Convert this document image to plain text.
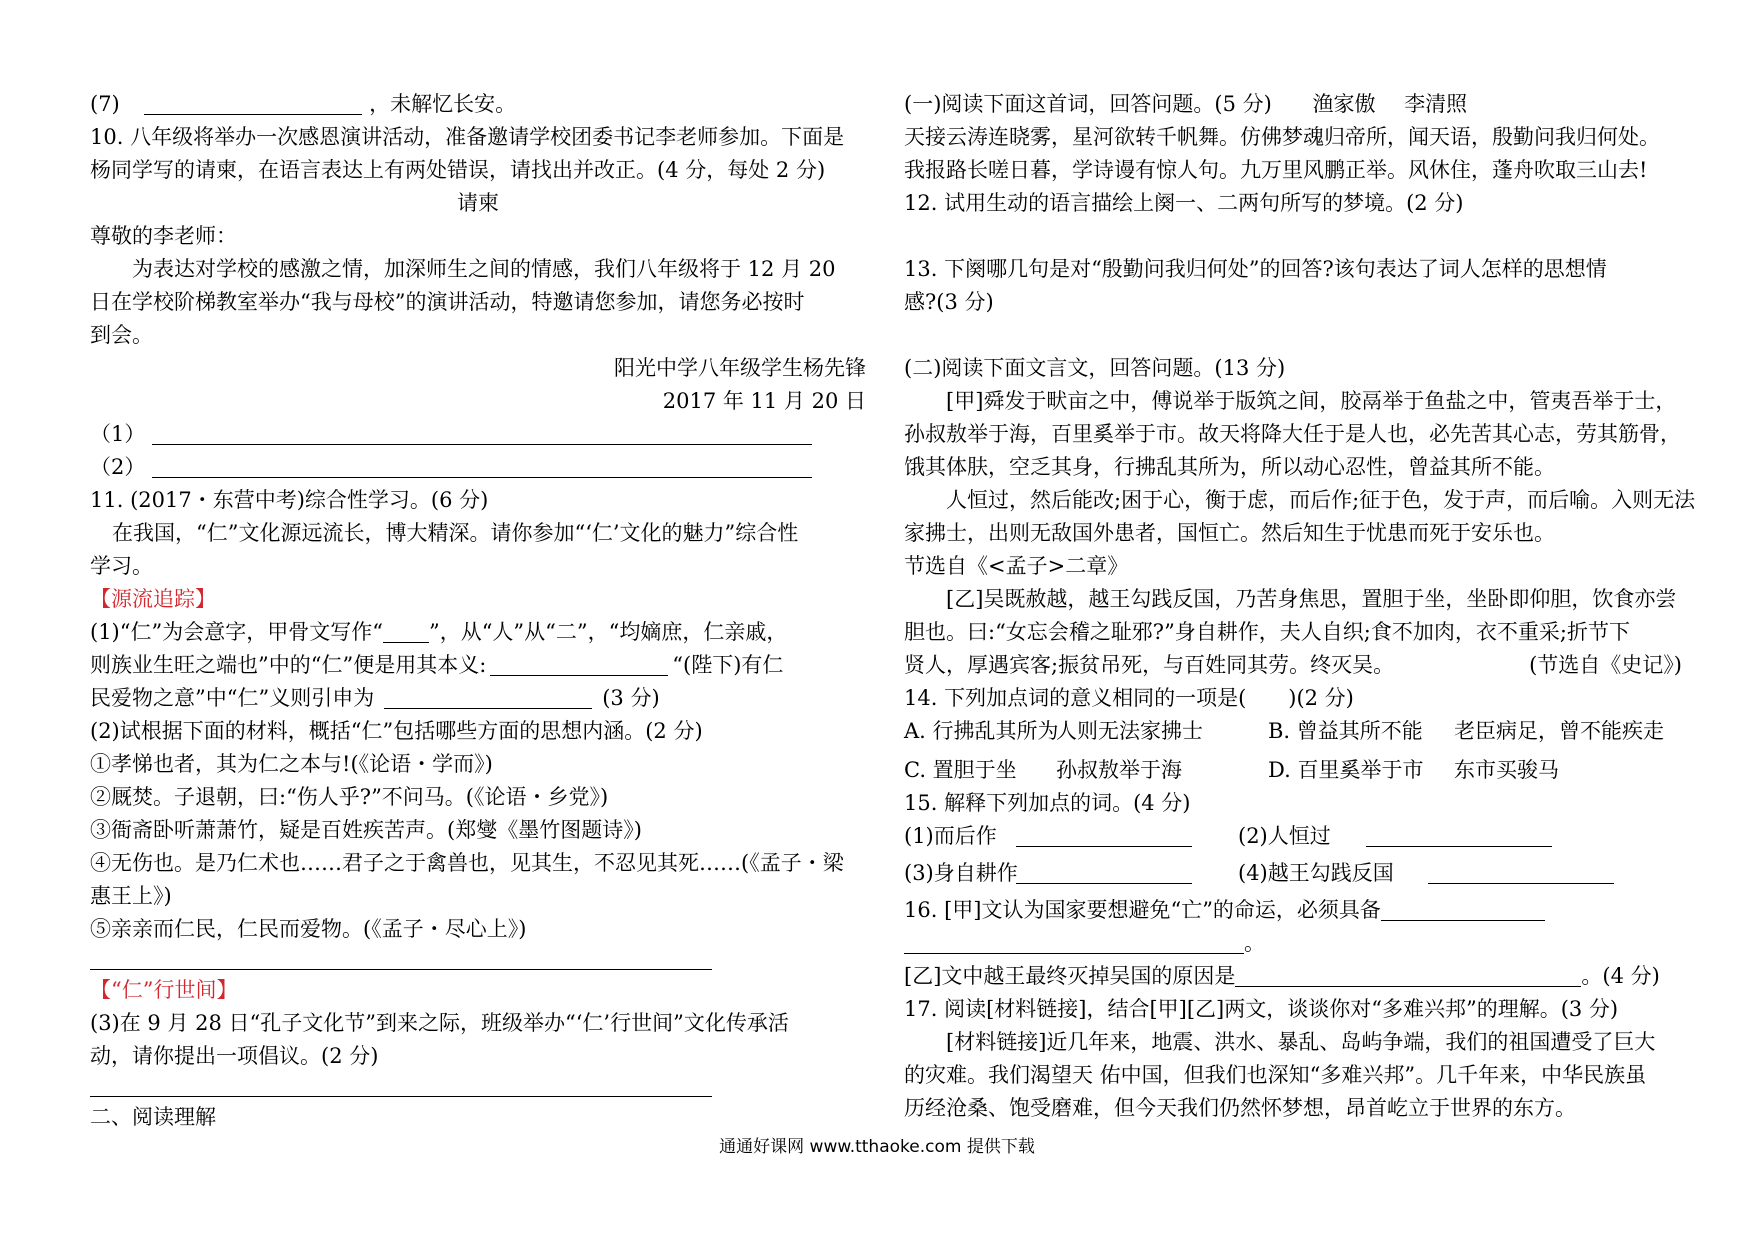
(7)	，未解忆长安。
10. 八年级将举办一次感恩演讲活动，准备邀请学校团委书记李老师参加。下面是
杨同学写的请柬，在语言表达上有两处错误，请找出并改正。(4 分，每处 2 分)
请柬
尊敬的李老师：
为表达对学校的感激之情，加深师生之间的情感，我们八年级将于 12 月 20
日在学校阶梯教室举办“我与母校”的演讲活动，特邀请您参加，请您务必按时
到会。
阳光中学八年级学生杨先锋
2017 年 11 月 20 日
（1）
（2）
11. (2017・东营中考)综合性学习。(6 分)
在我国，“仁”文化源远流长，博大精深。请你参加“‘仁’文化的魅力”综合性
学习。
【源流追踪】
(1)“仁”为会意字，甲骨文写作“ ”，从“人”从“二”，“均嫡庶，仁亲戚，
则族业生旺之端也”中的“仁”便是用其本义:	“(陛下)有仁
民爱物之意”中“仁”义则引申为	(3 分)
(2)试根据下面的材料，概括“仁”包括哪些方面的思想内涵。(2 分)
①孝悌也者，其为仁之本与!(《论语・学而》)
②厩焚。子退朝，曰:“伤人乎?”不问马。(《论语・乡党》)
③衙斋卧听萧萧竹，疑是百姓疾苦声。(郑燮《墨竹图题诗》)
④无伤也。是乃仁术也……君子之于禽兽也，见其生，不忍见其死……(《孟子・梁
惠王上》)
⑤亲亲而仁民，仁民而爱物。(《孟子・尽心上》)
【“仁”行世间】
(3)在 9 月 28 日“孔子文化节”到来之际，班级举办“‘仁’行世间”文化传承活
动，请你提出一项倡议。(2 分)
二、阅读理解
(一)阅读下面这首词，回答问题。(5 分) 渔家傲 李清照
天接云涛连晓雾，星河欲转千帆舞。仿佛梦魂归帝所，闻天语，殷勤问我归何处。
我报路长嗟日暮，学诗谩有惊人句。九万里风鹏正举。风休住，蓬舟吹取三山去!
12. 试用生动的语言描绘上阕一、二两句所写的梦境。(2 分)
13. 下阕哪几句是对“殷勤问我归何处”的回答?该句表达了词人怎样的思想情
感?(3 分)
(二)阅读下面文言文，回答问题。(13 分)
[甲]舜发于畎亩之中，傅说举于版筑之间，胶鬲举于鱼盐之中，管夷吾举于士，
孙叔敖举于海，百里奚举于市。故天将降大任于是人也，必先苦其心志，劳其筋骨，
饿其体肤，空乏其身，行拂乱其所为，所以动心忍性，曾益其所不能。
人恒过，然后能改;困于心，衡于虑，而后作;征于色，发于声，而后喻。入则无法
家拂士，出则无敌国外患者，国恒亡。然后知生于忧患而死于安乐也。
节选自《<孟子>二章》
[乙]吴既赦越，越王勾践反国，乃苦身焦思，置胆于坐，坐卧即仰胆，饮食亦尝
胆也。曰:“女忘会稽之耻邪?”身自耕作，夫人自织;食不加肉，衣不重采;折节下
贤人，厚遇宾客;振贫吊死，与百姓同其劳。终灭吴。	(节选自《史记》)
14. 下列加点词的意义相同的一项是(　　)(2 分)
A. 行拂乱其所为人则无法家拂士	B. 曾益其所不能 老臣病足，曾不能疾走
C. 置胆于坐 孙叔敖举于海	D. 百里奚举于市 东市买骏马
15. 解释下列加点的词。(4 分)
(1)而后作	(2)人恒过
(3)身自耕作	(4)越王勾践反国
16. [甲]文认为国家要想避免“亡”的命运，必须具备
。
[乙]文中越王最终灭掉吴国的原因是	。(4 分)
17. 阅读[材料链接]，结合[甲][乙]两文，谈谈你对“多难兴邦”的理解。(3 分)
[材料链接]近几年来，地震、洪水、暴乱、岛屿争端，我们的祖国遭受了巨大
的灾难。我们渴望天 佑中国，但我们也深知“多难兴邦”。几千年来，中华民族虽
历经沧桑、饱受磨难，但今天我们仍然怀梦想，昂首屹立于世界的东方。
通通好课网 www.tthaoke.com 提供下载
